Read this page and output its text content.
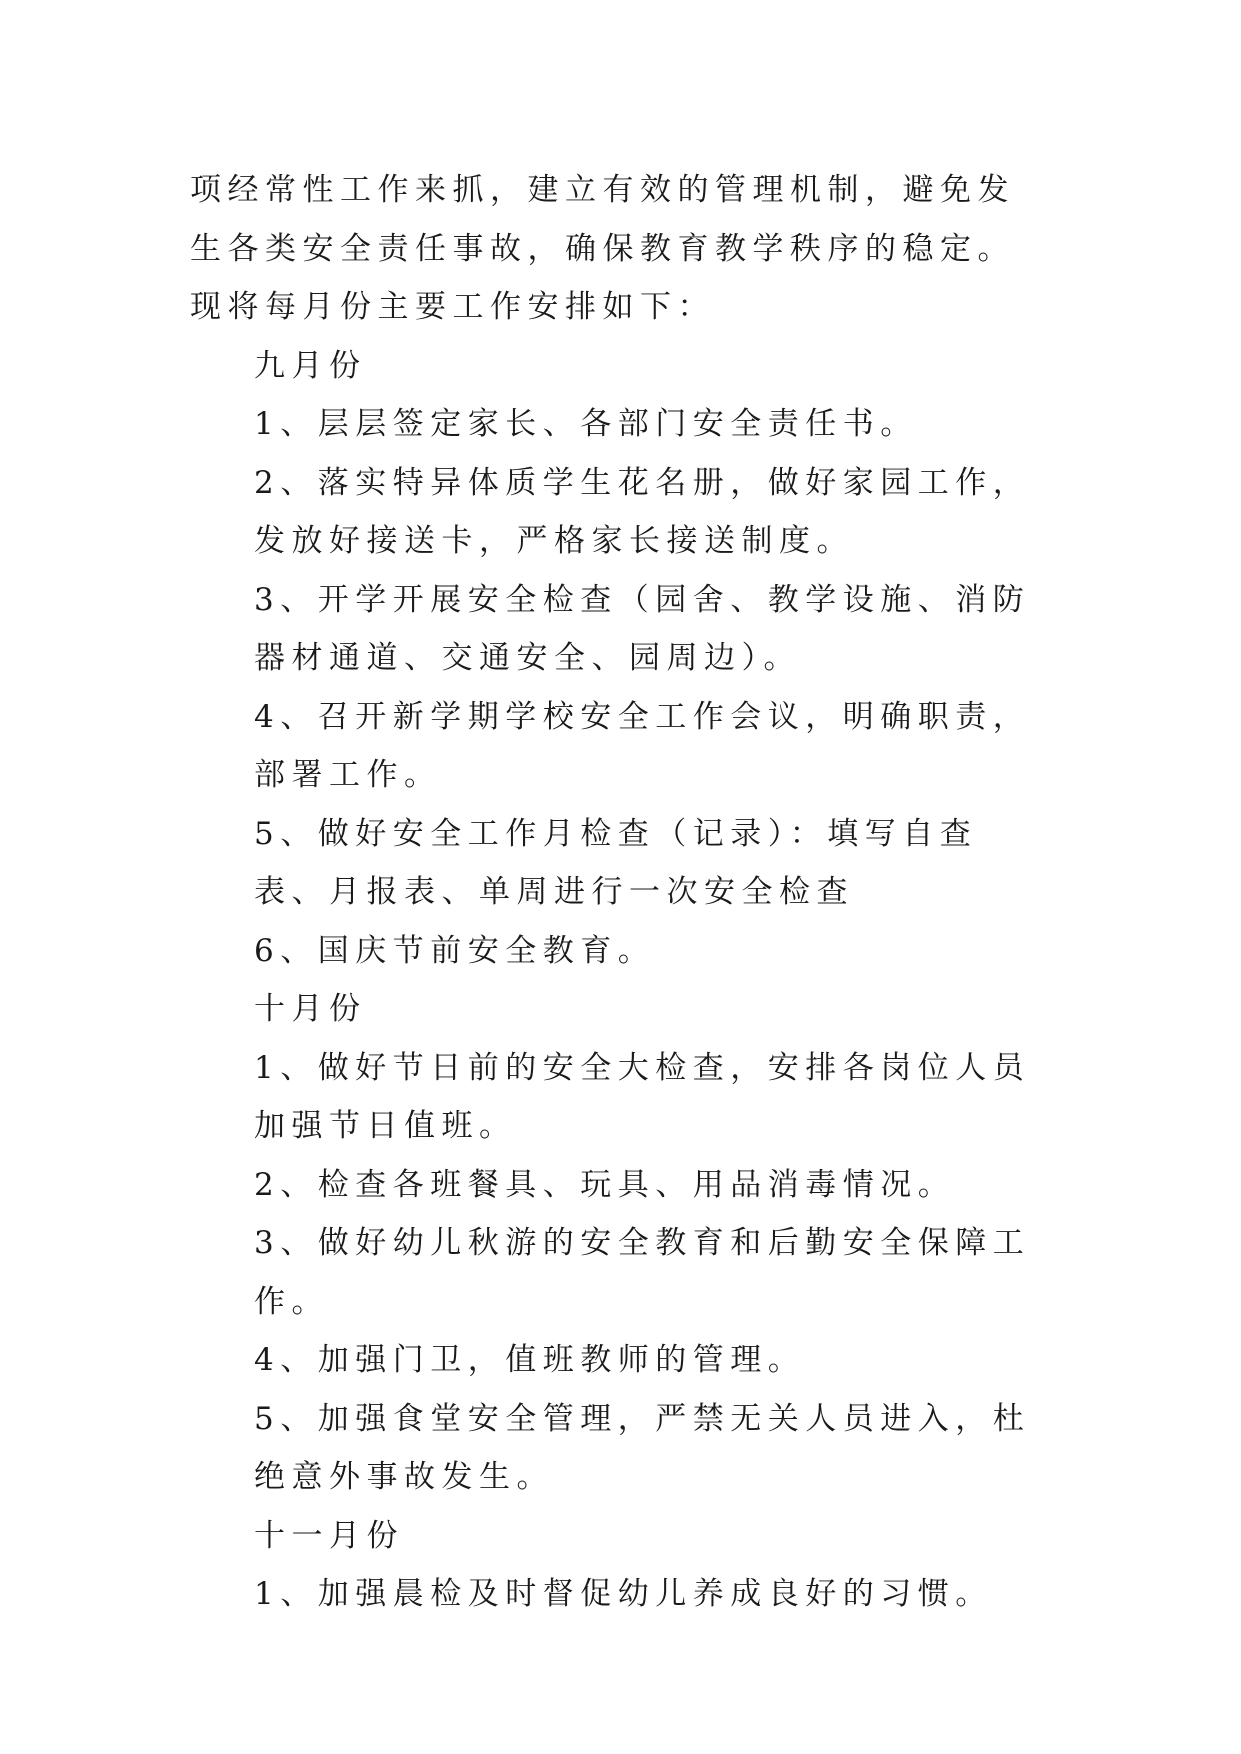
项经常性工作来抓，建立有效的管理机制，避免发生各类安全责任事故，确保教育教学秩序的稳定。现将每月份主要工作安排如下：
九月份
1、层层签定家长、各部门安全责任书。
2、落实特异体质学生花名册，做好家园工作，发放好接送卡，严格家长接送制度。
3、开学开展安全检查（园舍、教学设施、消防器材通道、交通安全、园周边）。
4、召开新学期学校安全工作会议，明确职责，部署工作。
5、做好安全工作月检查（记录）：填写自查表、月报表、单周进行一次安全检查
6、国庆节前安全教育。
十月份
1、做好节日前的安全大检查，安排各岗位人员加强节日值班。
2、检查各班餐具、玩具、用品消毒情况。
3、做好幼儿秋游的安全教育和后勤安全保障工作。
4、加强门卫，值班教师的管理。
5、加强食堂安全管理，严禁无关人员进入，杜绝意外事故发生。
十一月份
1、加强晨检及时督促幼儿养成良好的习惯。
